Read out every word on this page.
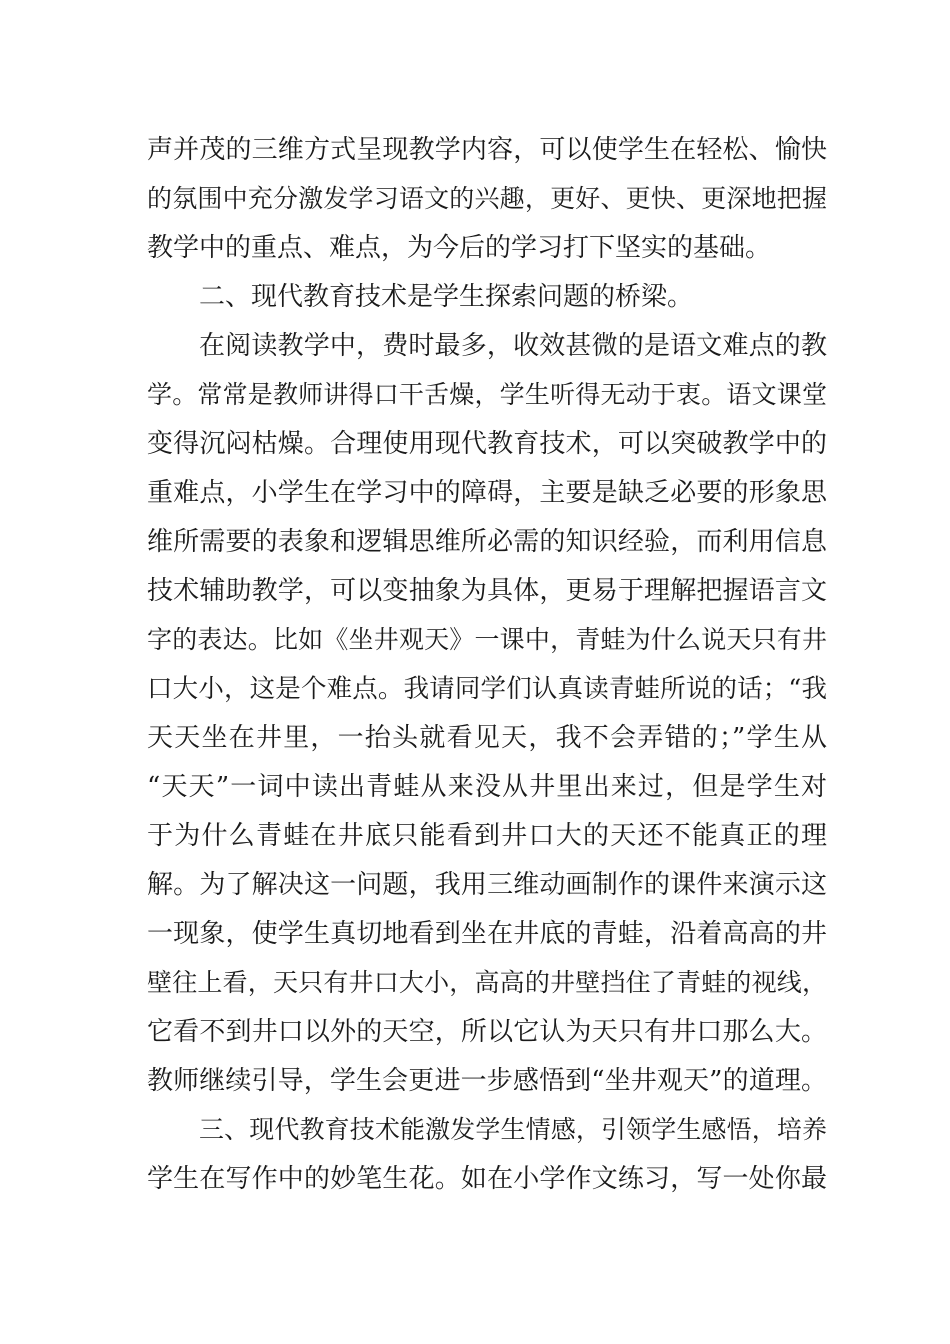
声并茂的三维方式呈现教学内容，可以使学生在轻松、愉快
的氛围中充分激发学习语文的兴趣，更好、更快、更深地把握
教学中的重点、难点，为今后的学习打下坚实的基础。
二、现代教育技术是学生探索问题的桥梁。
在阅读教学中，费时最多，收效甚微的是语文难点的教
学。常常是教师讲得口干舌燥，学生听得无动于衷。语文课堂
变得沉闷枯燥。合理使用现代教育技术，可以突破教学中的
重难点，小学生在学习中的障碍，主要是缺乏必要的形象思
维所需要的表象和逻辑思维所必需的知识经验，而利用信息
技术辅助教学，可以变抽象为具体，更易于理解把握语言文
字的表达。比如《坐井观天》一课中，青蛙为什么说天只有井
口大小，这是个难点。我请同学们认真读青蛙所说的话；“我
天天坐在井里，一抬头就看见天，我不会弄错的；”学生从
“天天”一词中读出青蛙从来没从井里出来过，但是学生对
于为什么青蛙在井底只能看到井口大的天还不能真正的理
解。为了解决这一问题，我用三维动画制作的课件来演示这
一现象，使学生真切地看到坐在井底的青蛙，沿着高高的井
壁往上看，天只有井口大小，高高的井壁挡住了青蛙的视线，
它看不到井口以外的天空，所以它认为天只有井口那么大。
教师继续引导，学生会更进一步感悟到“坐井观天”的道理。
三、现代教育技术能激发学生情感，引领学生感悟，培养
学生在写作中的妙笔生花。如在小学作文练习，写一处你最
